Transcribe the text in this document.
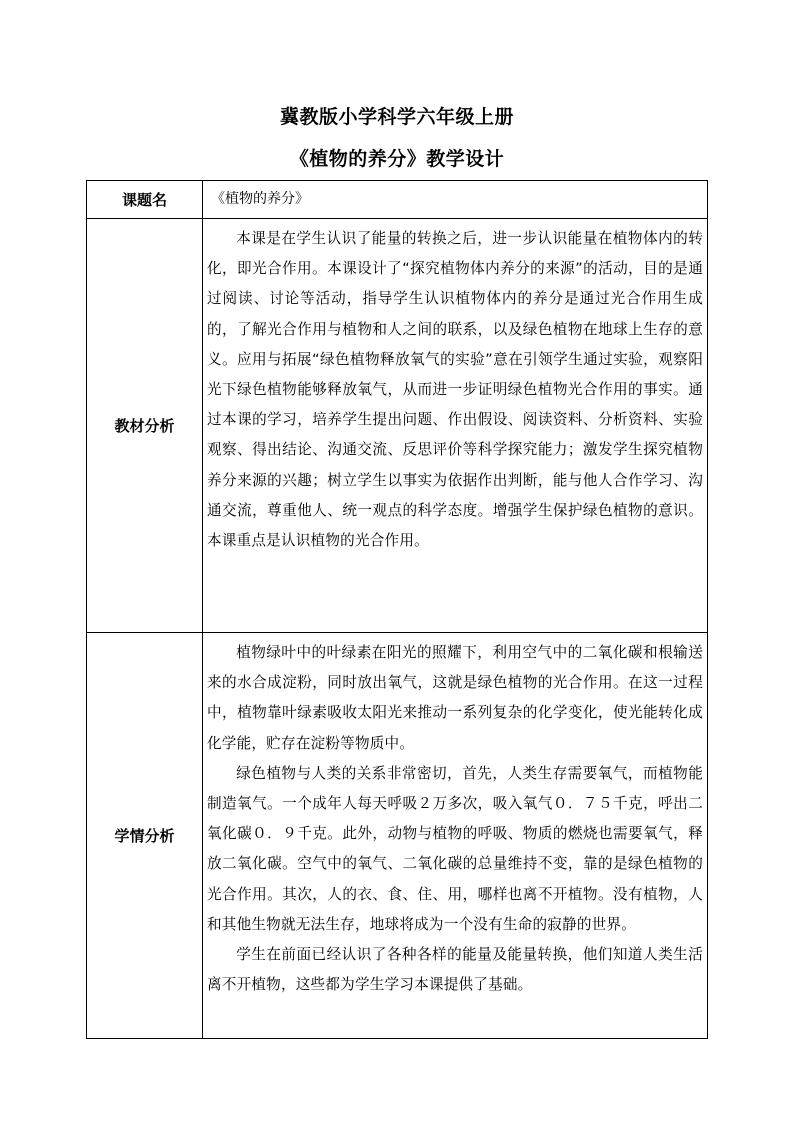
冀教版小学科学六年级上册
《植物的养分》教学设计
课题名	《植物的养分》

教材分析	本课是在学生认识了能量的转换之后，进一步认识能量在植物体内的转化，即光合作用。本课设计了“探究植物体内养分的来源”的活动，目的是通过阅读、讨论等活动，指导学生认识植物体内的养分是通过光合作用生成的，了解光合作用与植物和人之间的联系，以及绿色植物在地球上生存的意义。应用与拓展“绿色植物释放氧气的实验”意在引领学生通过实验，观察阳光下绿色植物能够释放氧气，从而进一步证明绿色植物光合作用的事实。通过本课的学习，培养学生提出问题、作出假设、阅读资料、分析资料、实验观察、得出结论、沟通交流、反思评价等科学探究能力；激发学生探究植物养分来源的兴趣；树立学生以事实为依据作出判断，能与他人合作学习、沟通交流，尊重他人、统一观点的科学态度。增强学生保护绿色植物的意识。本课重点是认识植物的光合作用。

学情分析	植物绿叶中的叶绿素在阳光的照耀下，利用空气中的二氧化碳和根输送来的水合成淀粉，同时放出氧气，这就是绿色植物的光合作用。在这一过程中，植物靠叶绿素吸收太阳光来推动一系列复杂的化学变化，使光能转化成化学能，贮存在淀粉等物质中。

绿色植物与人类的关系非常密切，首先，人类生存需要氧气，而植物能制造氧气。一个成年人每天呼吸２万多次，吸入氧气０．７５千克，呼出二氧化碳０．９千克。此外，动物与植物的呼吸、物质的燃烧也需要氧气，释放二氧化碳。空气中的氧气、二氧化碳的总量维持不变，靠的是绿色植物的光合作用。其次，人的衣、食、住、用，哪样也离不开植物。没有植物，人和其他生物就无法生存，地球将成为一个没有生命的寂静的世界。

学生在前面已经认识了各种各样的能量及能量转换，他们知道人类生活离不开植物，这些都为学生学习本课提供了基础。
